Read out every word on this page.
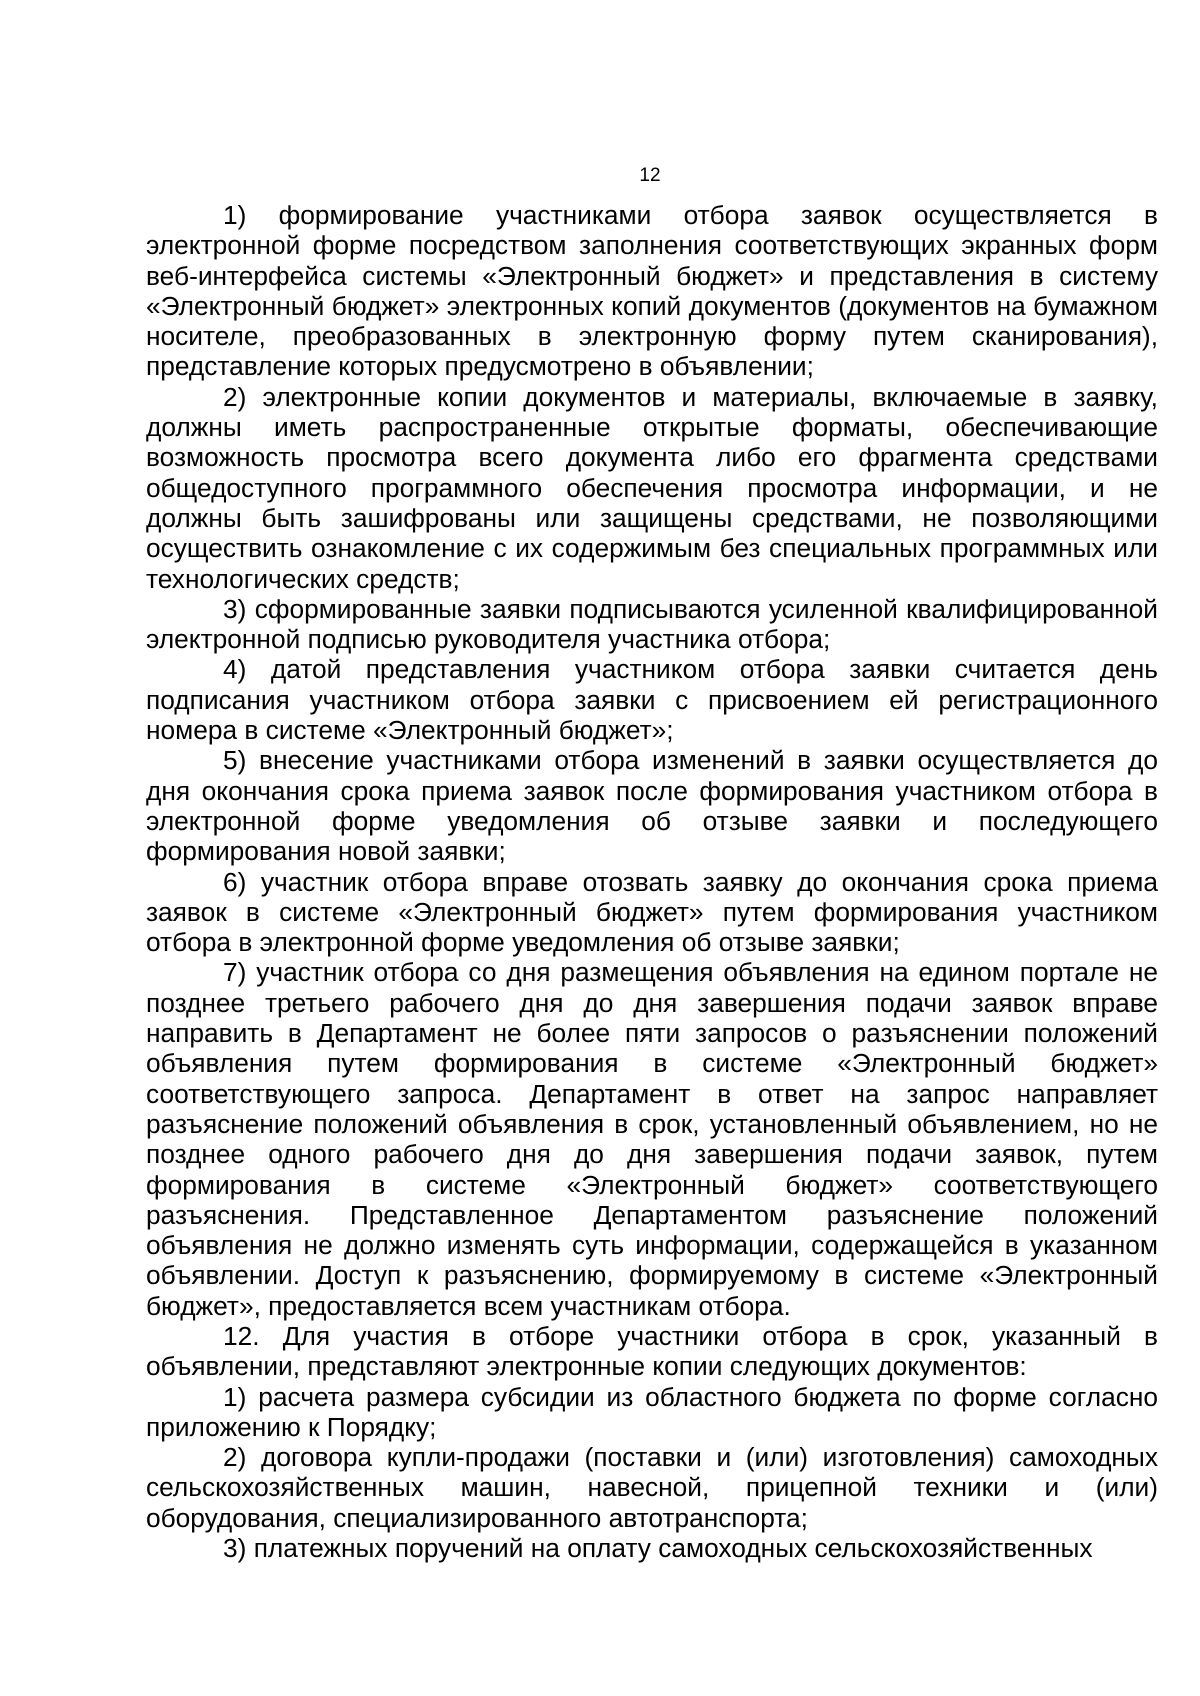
12

1) формирование участниками отбора заявок осуществляется в электронной форме посредством заполнения соответствующих экранных форм веб-интерфейса системы «Электронный бюджет» и представления в систему «Электронный бюджет» электронных копий документов (документов на бумажном носителе, преобразованных в электронную форму путем сканирования), представление которых предусмотрено в объявлении;

2) электронные копии документов и материалы, включаемые в заявку, должны иметь распространенные открытые форматы, обеспечивающие возможность просмотра всего документа либо его фрагмента средствами общедоступного программного обеспечения просмотра информации, и не должны быть зашифрованы или защищены средствами, не позволяющими осуществить ознакомление с их содержимым без специальных программных или технологических средств;

3) сформированные заявки подписываются усиленной квалифицированной электронной подписью руководителя участника отбора;

4) датой представления участником отбора заявки считается день подписания участником отбора заявки с присвоением ей регистрационного номера в системе «Электронный бюджет»;

5) внесение участниками отбора изменений в заявки осуществляется до дня окончания срока приема заявок после формирования участником отбора в электронной форме уведомления об отзыве заявки и последующего формирования новой заявки;

6) участник отбора вправе отозвать заявку до окончания срока приема заявок в системе «Электронный бюджет» путем формирования участником отбора в электронной форме уведомления об отзыве заявки;

7) участник отбора со дня размещения объявления на едином портале не позднее третьего рабочего дня до дня завершения подачи заявок вправе направить в Департамент не более пяти запросов о разъяснении положений объявления путем формирования в системе «Электронный бюджет» соответствующего запроса. Департамент в ответ на запрос направляет разъяснение положений объявления в срок, установленный объявлением, но не позднее одного рабочего дня до дня завершения подачи заявок, путем формирования в системе «Электронный бюджет» соответствующего разъяснения. Представленное Департаментом разъяснение положений объявления не должно изменять суть информации, содержащейся в указанном объявлении. Доступ к разъяснению, формируемому в системе «Электронный бюджет», предоставляется всем участникам отбора.

12. Для участия в отборе участники отбора в срок, указанный в объявлении, представляют электронные копии следующих документов:

1) расчета размера субсидии из областного бюджета по форме согласно приложению к Порядку;

2) договора купли-продажи (поставки и (или) изготовления) самоходных сельскохозяйственных машин, навесной, прицепной техники и (или) оборудования, специализированного автотранспорта;

3) платежных поручений на оплату самоходных сельскохозяйственных
